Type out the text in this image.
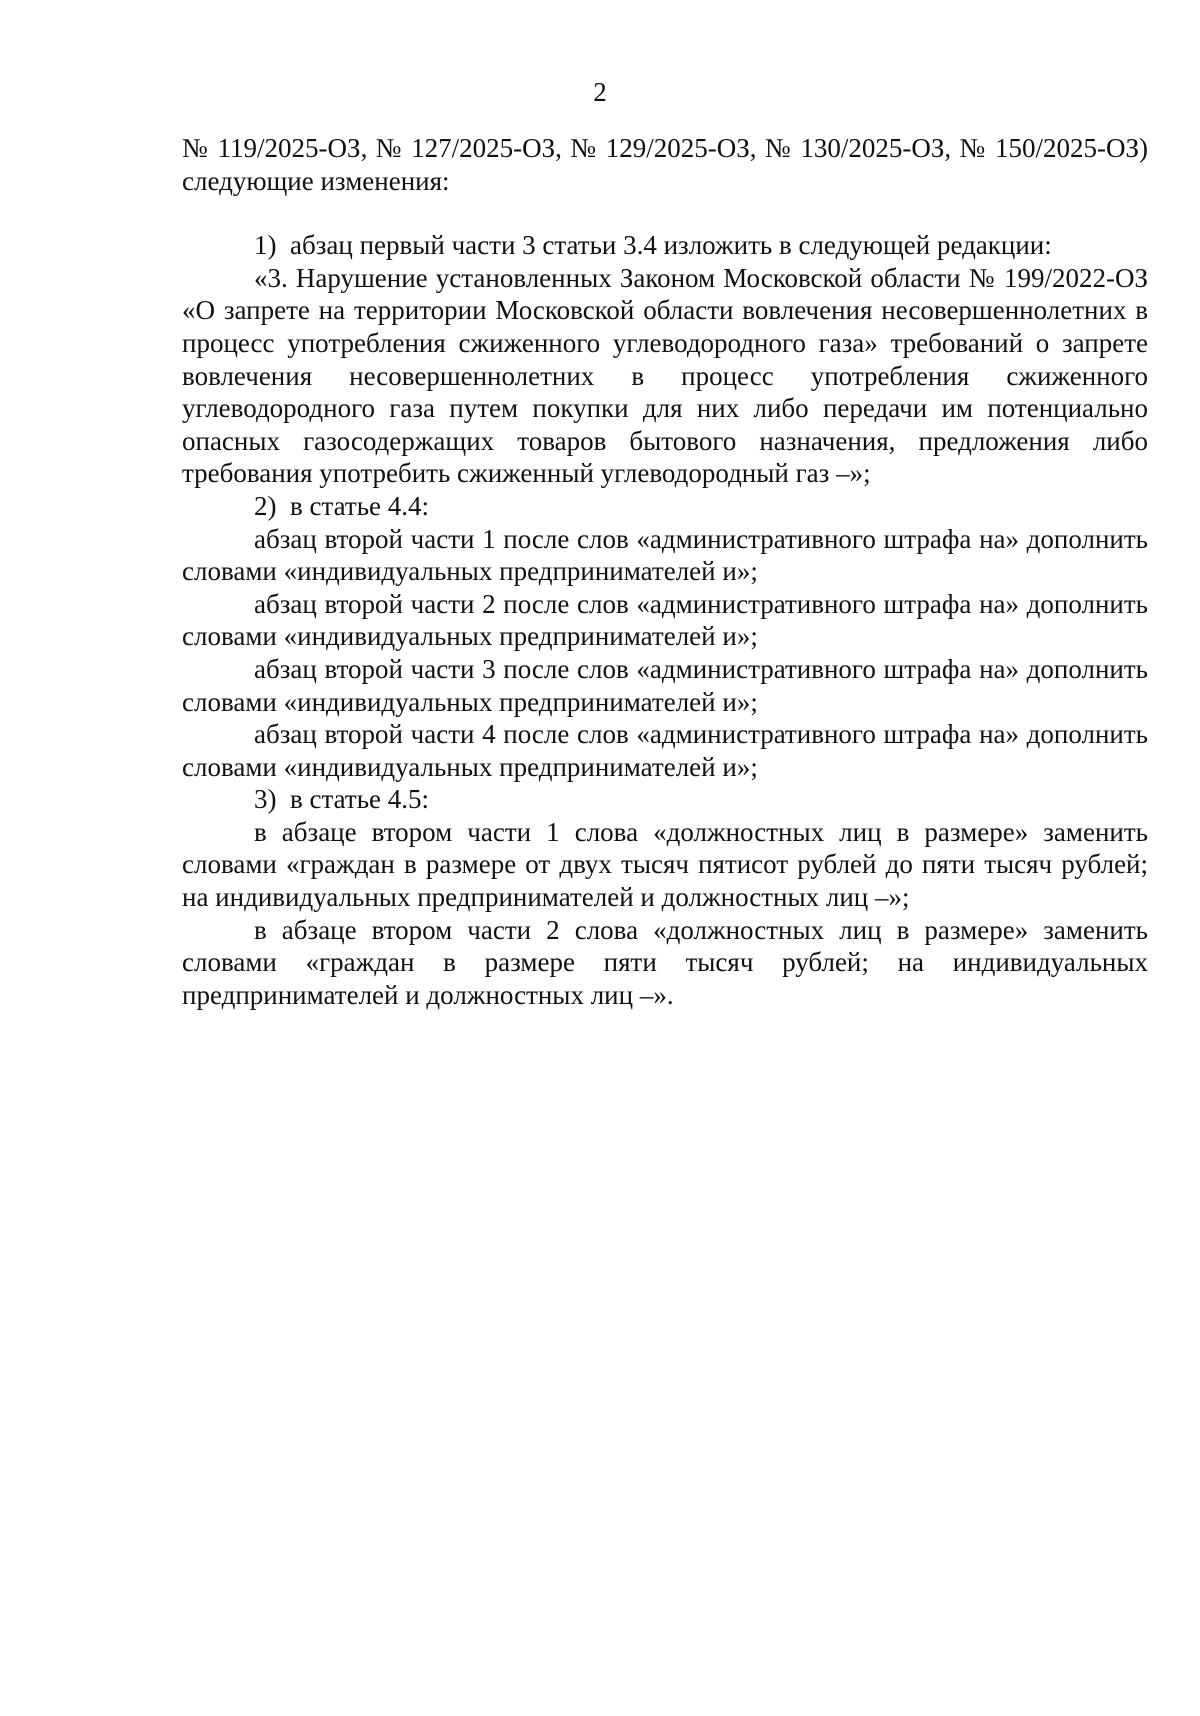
2

№ 119/2025-ОЗ, № 127/2025-ОЗ, № 129/2025-ОЗ, № 130/2025-ОЗ, № 150/2025-ОЗ) следующие изменения:

1) абзац первый части 3 статьи 3.4 изложить в следующей редакции:

«3. Нарушение установленных Законом Московской области № 199/2022-ОЗ «О запрете на территории Московской области вовлечения несовершеннолетних в процесс употребления сжиженного углеводородного газа» требований о запрете вовлечения несовершеннолетних в процесс употребления сжиженного углеводородного газа путем покупки для них либо передачи им потенциально опасных газосодержащих товаров бытового назначения, предложения либо требования употребить сжиженный углеводородный газ –»;

2) в статье 4.4:

абзац второй части 1 после слов «административного штрафа на» дополнить словами «индивидуальных предпринимателей и»;

абзац второй части 2 после слов «административного штрафа на» дополнить словами «индивидуальных предпринимателей и»;

абзац второй части 3 после слов «административного штрафа на» дополнить словами «индивидуальных предпринимателей и»;

абзац второй части 4 после слов «административного штрафа на» дополнить словами «индивидуальных предпринимателей и»;

3) в статье 4.5:

в абзаце втором части 1 слова «должностных лиц в размере» заменить словами «граждан в размере от двух тысяч пятисот рублей до пяти тысяч рублей; на индивидуальных предпринимателей и должностных лиц –»;

в абзаце втором части 2 слова «должностных лиц в размере» заменить словами «граждан в размере пяти тысяч рублей; на индивидуальных предпринимателей и должностных лиц –».
